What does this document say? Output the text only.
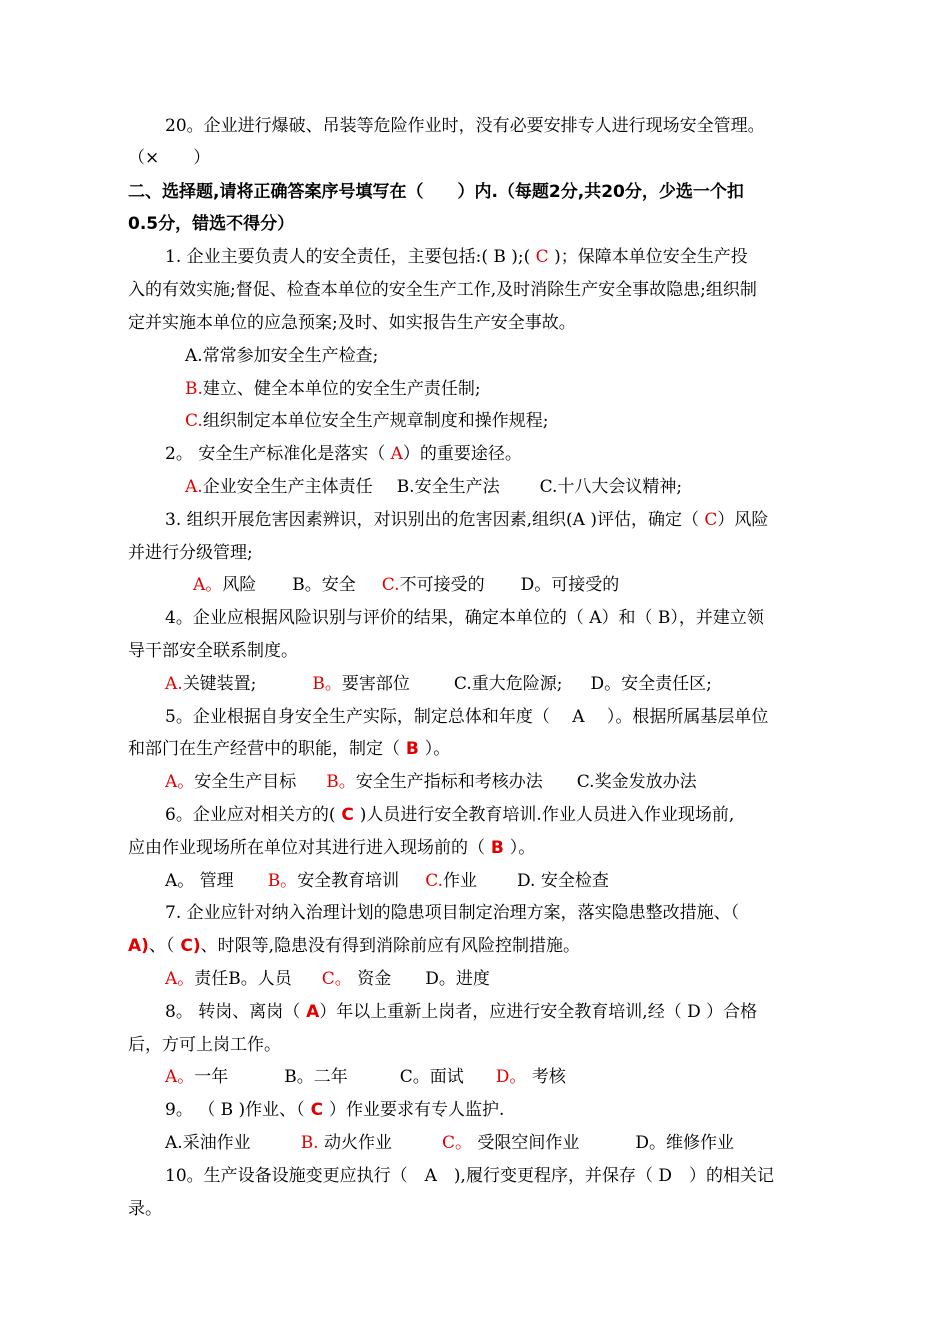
20。企业进行爆破、吊装等危险作业时，没有必要安排专人进行现场安全管理。
（× ）
二、选择题,请将正确答案序号填写在（　　）内.（每题2分,共20分，少选一个扣
0.5分，错选不得分）
1. 企业主要负责人的安全责任，主要包括:( B );( C )；保障本单位安全生产投
入的有效实施;督促、检查本单位的安全生产工作,及时消除生产安全事故隐患;组织制
定并实施本单位的应急预案;及时、如实报告生产安全事故。
A.常常参加安全生产检查;
B.建立、健全本单位的安全生产责任制;
C.组织制定本单位安全生产规章制度和操作规程;
2。 安全生产标准化是落实（ A）的重要途径。
A.企业安全生产主体责任 B.安全生产法 C.十八大会议精神;
3. 组织开展危害因素辨识，对识别出的危害因素,组织(A )评估，确定（ C）风险
并进行分级管理;
A。风险 B。安全 C.不可接受的 D。可接受的
4。企业应根据风险识别与评价的结果，确定本单位的（ A）和（ B），并建立领
导干部安全联系制度。
A.关键装置;	B。要害部位	C.重大危险源; D。安全责任区;
5。企业根据自身安全生产实际，制定总体和年度（　 A　 ）。根据所属基层单位
和部门在生产经营中的职能，制定（ B ）。
A。安全生产目标 B。安全生产指标和考核办法 C.奖金发放办法
6。企业应对相关方的( C )人员进行安全教育培训.作业人员进入作业现场前,
应由作业现场所在单位对其进行进入现场前的（ B ）。
A。 管理 B。安全教育培训 C.作业 D. 安全检查
7. 企业应针对纳入治理计划的隐患项目制定治理方案，落实隐患整改措施、（
A)、（ C)、时限等,隐患没有得到消除前应有风险控制措施。
A。责任B。人员 C。 资金 D。进度
8。 转岗、离岗（ A）年以上重新上岗者，应进行安全教育培训,经（ D ）合格
后，方可上岗工作。
A。一年	B。二年	C。面试 D。 考核
9。 （ B )作业、（ C ）作业要求有专人监护.
A.采油作业	B. 动火作业	C。 受限空间作业	D。维修作业
10。生产设备设施变更应执行（　A　),履行变更程序，并保存（ D　）的相关记
录。
